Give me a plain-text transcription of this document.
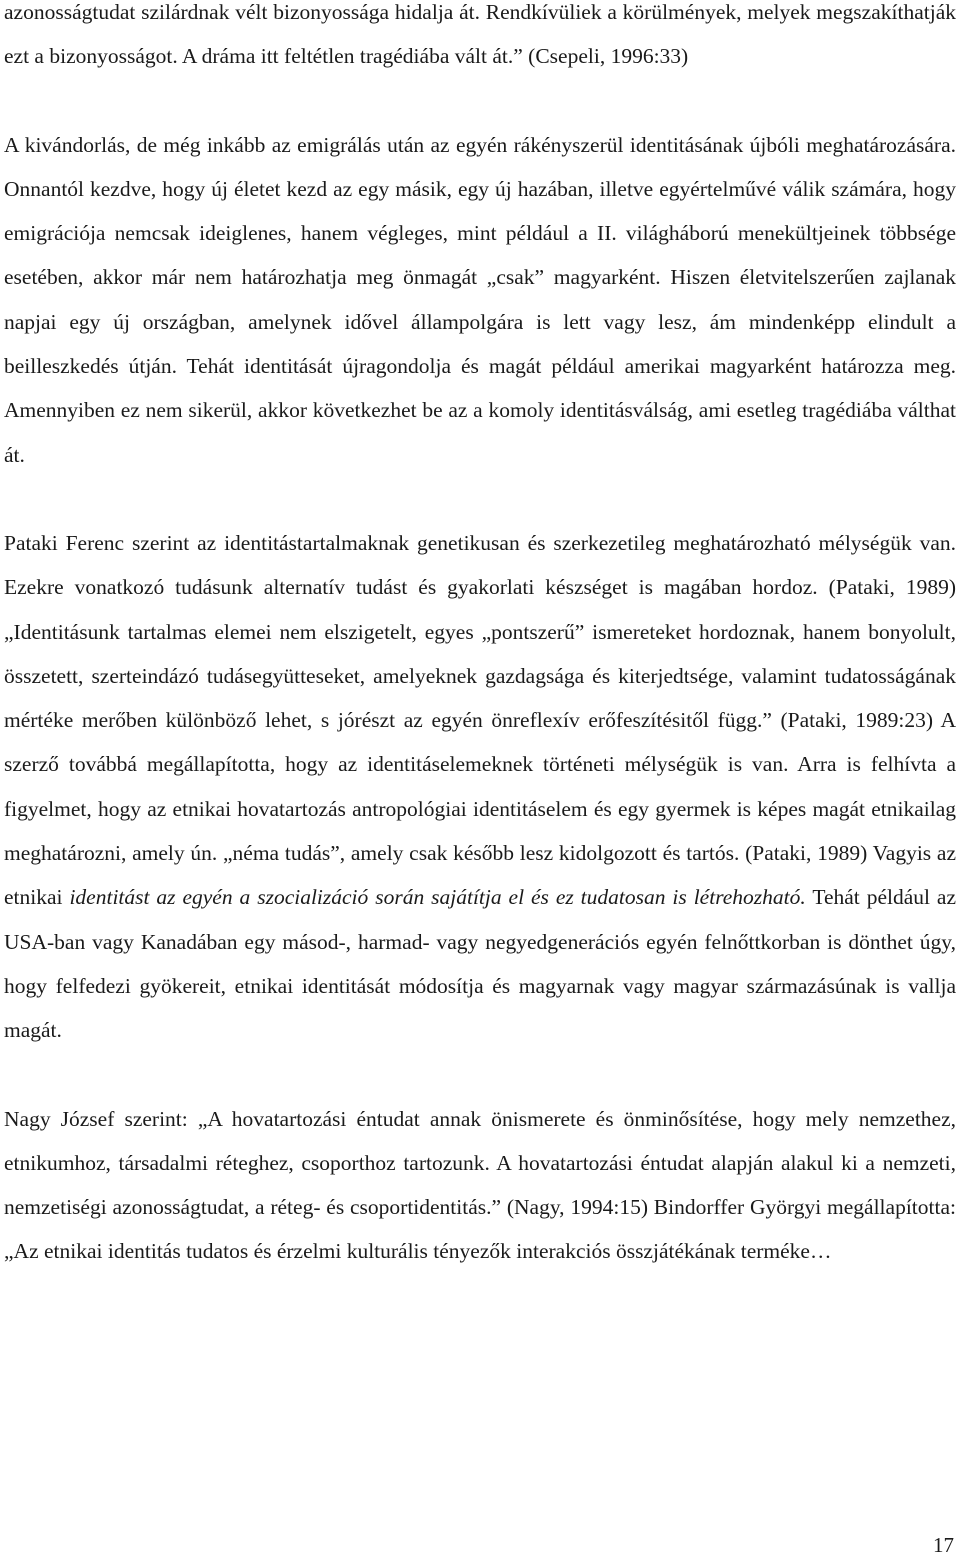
azonosságtudat szilárdnak vélt bizonyossága hidalja át. Rendkívüliek a körülmények, melyek megszakíthatják ezt a bizonyosságot. A dráma itt feltétlen tragédiába vált át.” (Csepeli, 1996:33)

A kivándorlás, de még inkább az emigrálás után az egyén rákényszerül identitásának újbóli meghatározására. Onnantól kezdve, hogy új életet kezd az egy másik, egy új hazában, illetve egyértelművé válik számára, hogy emigrációja nemcsak ideiglenes, hanem végleges, mint például a II. világháború menekültjeinek többsége esetében, akkor már nem határozhatja meg önmagát „csak” magyarként. Hiszen életvitelszerűen zajlanak napjai egy új országban, amelynek idővel állampolgára is lett vagy lesz, ám mindenképp elindult a beilleszkedés útján. Tehát identitását újragondolja és magát például amerikai magyarként határozza meg. Amennyiben ez nem sikerül, akkor következhet be az a komoly identitásválság, ami esetleg tragédiába válthat át.

Pataki Ferenc szerint az identitástartalmaknak genetikusan és szerkezetileg meghatározható mélységük van. Ezekre vonatkozó tudásunk alternatív tudást és gyakorlati készséget is magában hordoz. (Pataki, 1989) „Identitásunk tartalmas elemei nem elszigetelt, egyes „pontszerű” ismereteket hordoznak, hanem bonyolult, összetett, szerteindázó tudásegyütteseket, amelyeknek gazdagsága és kiterjedtsége, valamint tudatosságának mértéke merőben különböző lehet, s jórészt az egyén önreflexív erőfeszítésitől függ.” (Pataki, 1989:23) A szerző továbbá megállapította, hogy az identitáselemeknek történeti mélységük is van. Arra is felhívta a figyelmet, hogy az etnikai hovatartozás antropológiai identitáselem és egy gyermek is képes magát etnikailag meghatározni, amely ún. „néma tudás”, amely csak később lesz kidolgozott és tartós. (Pataki, 1989) Vagyis az etnikai identitást az egyén a szocializáció során sajátítja el és ez tudatosan is létrehozható. Tehát például az USA-ban vagy Kanadában egy másod-, harmad- vagy negyedgenerációs egyén felnőttkorban is dönthet úgy, hogy felfedezi gyökereit, etnikai identitását módosítja és magyarnak vagy magyar származásúnak is vallja magát.

Nagy József szerint: „A hovatartozási éntudat annak önismerete és önminősítése, hogy mely nemzethez, etnikumhoz, társadalmi réteghez, csoporthoz tartozunk. A hovatartozási éntudat alapján alakul ki a nemzeti, nemzetiségi azonosságtudat, a réteg- és csoportidentitás.” (Nagy, 1994:15) Bindorffer Györgyi megállapította: „Az etnikai identitás tudatos és érzelmi kulturális tényezők interakciós összjátékának terméke…

17
